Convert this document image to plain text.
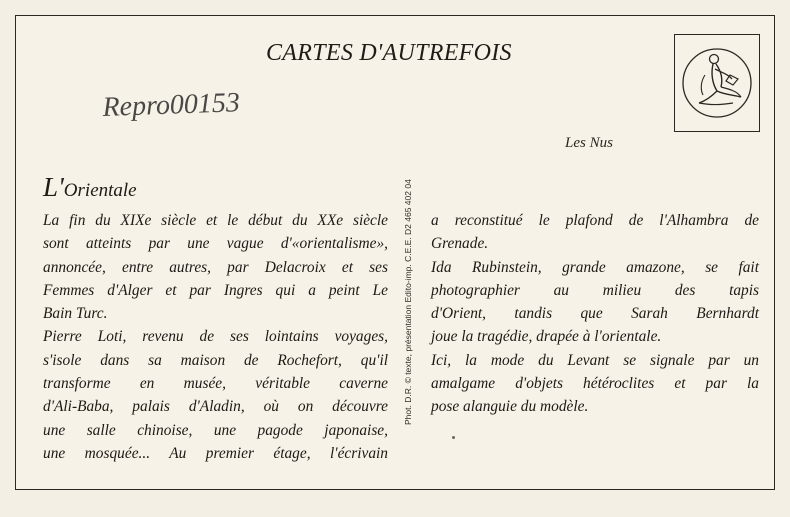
CARTES D'AUTREFOIS
Repro00153
Les Nus
Phot. D.R. © texte, présentation Edito-imp. C.E.E. D2 465 402 04
L'Orientale
La fin du XIXe siècle et le début du XXe siècle
sont atteints par une vague d'«orientalisme»,
annoncée, entre autres, par Delacroix et ses
Femmes d'Alger et par Ingres qui a peint Le
Bain Turc.
Pierre Loti, revenu de ses lointains voyages,
s'isole dans sa maison de Rochefort, qu'il
transforme en musée, véritable caverne
d'Ali-Baba, palais d'Aladin, où on découvre
une salle chinoise, une pagode japonaise,
une mosquée... Au premier étage, l'écrivain
a reconstitué le plafond de l'Alhambra de
Grenade.
Ida Rubinstein, grande amazone, se fait
photographier au milieu des tapis
d'Orient, tandis que Sarah Bernhardt
joue la tragédie, drapée à l'orientale.
Ici, la mode du Levant se signale par un
amalgame d'objets hétéroclites et par la
pose alanguie du modèle.
